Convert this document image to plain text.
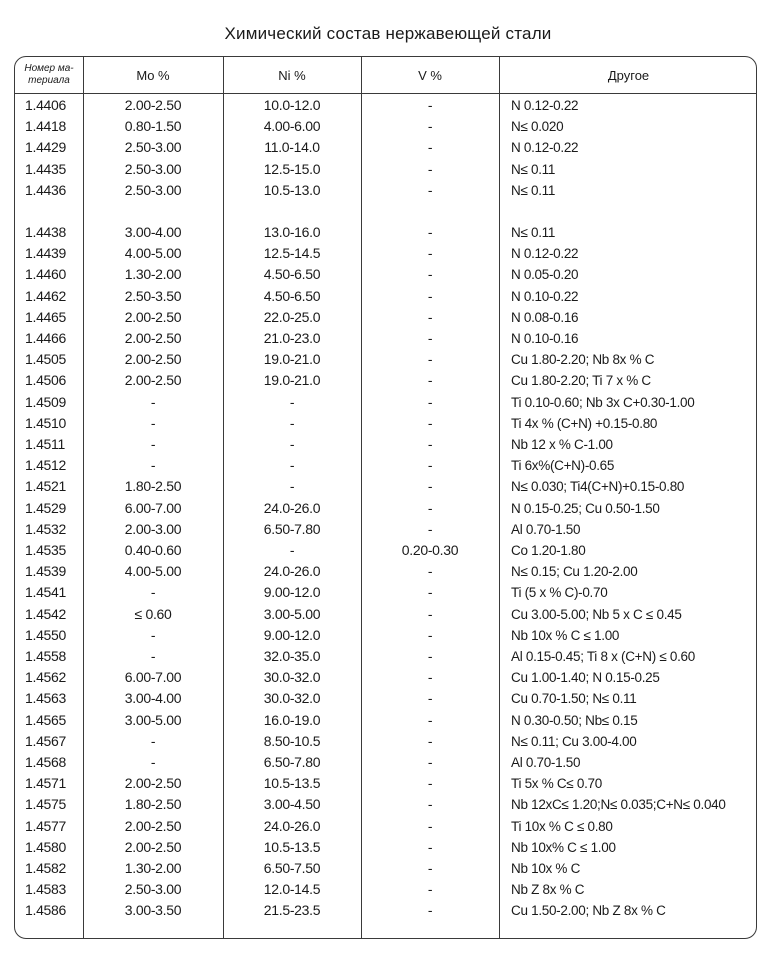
Химический состав нержавеющей стали
Номер ма-
териала	Mo %	Ni %	V %	Другое
1.4406	2.00-2.50	10.0-12.0	-	N 0.12-0.22
1.4418	0.80-1.50	4.00-6.00	-	N≤ 0.020
1.4429	2.50-3.00	11.0-14.0	-	N 0.12-0.22
1.4435	2.50-3.00	12.5-15.0	-	N≤ 0.11
1.4436	2.50-3.00	10.5-13.0	-	N≤ 0.11
1.4438	3.00-4.00	13.0-16.0	-	N≤ 0.11
1.4439	4.00-5.00	12.5-14.5	-	N 0.12-0.22
1.4460	1.30-2.00	4.50-6.50	-	N 0.05-0.20
1.4462	2.50-3.50	4.50-6.50	-	N 0.10-0.22
1.4465	2.00-2.50	22.0-25.0	-	N 0.08-0.16
1.4466	2.00-2.50	21.0-23.0	-	N 0.10-0.16
1.4505	2.00-2.50	19.0-21.0	-	Cu 1.80-2.20; Nb 8x % C
1.4506	2.00-2.50	19.0-21.0	-	Cu 1.80-2.20; Ti 7 x % C
1.4509	-	-	-	Ti 0.10-0.60; Nb 3x C+0.30-1.00
1.4510	-	-	-	Ti 4x % (C+N) +0.15-0.80
1.4511	-	-	-	Nb 12 x % C-1.00
1.4512	-	-	-	Ti 6x%(C+N)-0.65
1.4521	1.80-2.50	-	-	N≤ 0.030; Ti4(C+N)+0.15-0.80
1.4529	6.00-7.00	24.0-26.0	-	N 0.15-0.25; Cu 0.50-1.50
1.4532	2.00-3.00	6.50-7.80	-	Al 0.70-1.50
1.4535	0.40-0.60	-	0.20-0.30	Co 1.20-1.80
1.4539	4.00-5.00	24.0-26.0	-	N≤ 0.15; Cu 1.20-2.00
1.4541	-	9.00-12.0	-	Ti (5 x % C)-0.70
1.4542	≤ 0.60	3.00-5.00	-	Cu 3.00-5.00; Nb 5 x C ≤ 0.45
1.4550	-	9.00-12.0	-	Nb 10x % C ≤ 1.00
1.4558	-	32.0-35.0	-	Al 0.15-0.45; Ti 8 x (C+N) ≤ 0.60
1.4562	6.00-7.00	30.0-32.0	-	Cu 1.00-1.40; N 0.15-0.25
1.4563	3.00-4.00	30.0-32.0	-	Cu 0.70-1.50; N≤ 0.11
1.4565	3.00-5.00	16.0-19.0	-	N 0.30-0.50; Nb≤ 0.15
1.4567	-	8.50-10.5	-	N≤ 0.11; Cu 3.00-4.00
1.4568	-	6.50-7.80	-	Al 0.70-1.50
1.4571	2.00-2.50	10.5-13.5	-	Ti 5x % C≤ 0.70
1.4575	1.80-2.50	3.00-4.50	-	Nb 12xC≤ 1.20;N≤ 0.035;C+N≤ 0.040
1.4577	2.00-2.50	24.0-26.0	-	Ti 10x % C ≤ 0.80
1.4580	2.00-2.50	10.5-13.5	-	Nb 10x% C ≤ 1.00
1.4582	1.30-2.00	6.50-7.50	-	Nb 10x % C
1.4583	2.50-3.00	12.0-14.5	-	Nb Z 8x % C
1.4586	3.00-3.50	21.5-23.5	-	Cu 1.50-2.00; Nb Z 8x % C
